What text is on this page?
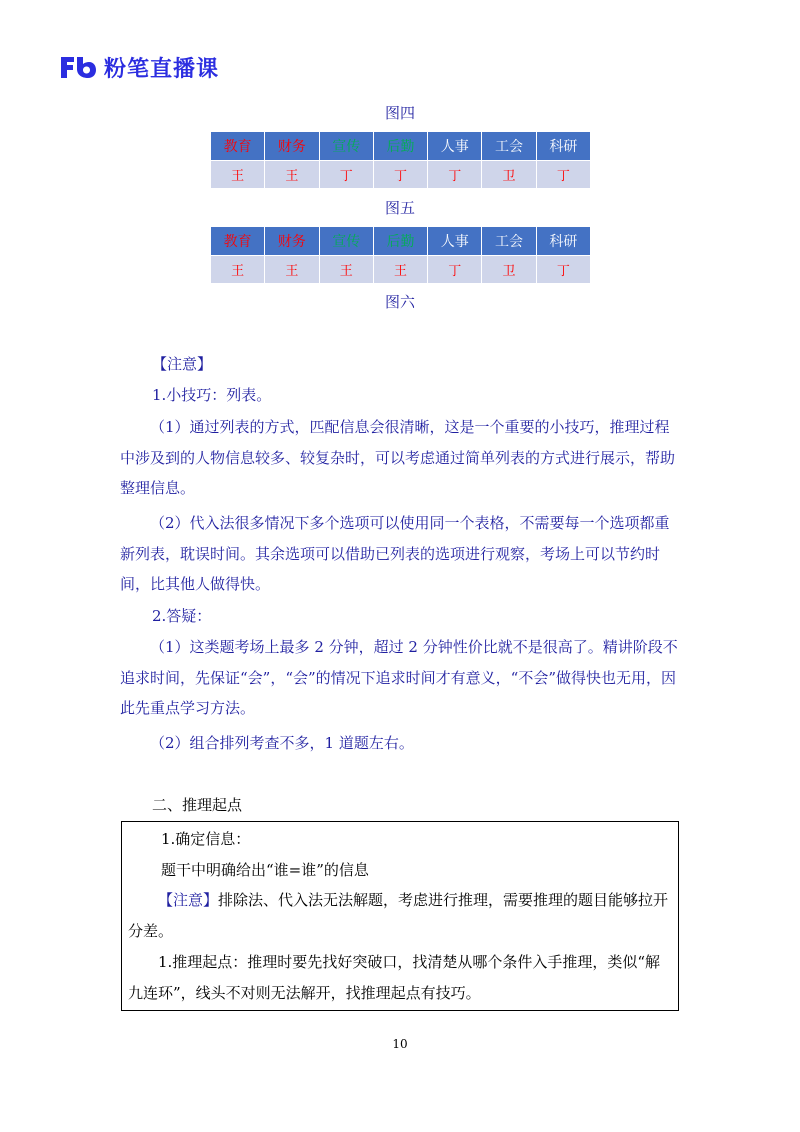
粉笔直播课
图四
图五
图六
教育	财务	宣传	后勤	人事	工会	科研
王	王	丁	丁	丁	卫	丁
教育	财务	宣传	后勤	人事	工会	科研
王	王	王	王	丁	卫	丁
【注意】
1.小技巧：列表。

（1）通过列表的方式，匹配信息会很清晰，这是一个重要的小技巧，推理过程中涉及到的人物信息较多、较复杂时，可以考虑通过简单列表的方式进行展示，帮助整理信息。

（2）代入法很多情况下多个选项可以使用同一个表格，不需要每一个选项都重新列表，耽误时间。其余选项可以借助已列表的选项进行观察，考场上可以节约时间，比其他人做得快。

2.答疑：

（1）这类题考场上最多 2 分钟，超过 2 分钟性价比就不是很高了。精讲阶段不追求时间，先保证“会”，“会”的情况下追求时间才有意义，“不会”做得快也无用，因此先重点学习方法。

（2）组合排列考查不多，1 道题左右。

二、推理起点
1.确定信息：
题干中明确给出“谁=谁”的信息

【注意】排除法、代入法无法解题，考虑进行推理，需要推理的题目能够拉开分差。

1.推理起点：推理时要先找好突破口，找清楚从哪个条件入手推理，类似“解九连环”，线头不对则无法解开，找推理起点有技巧。

10
